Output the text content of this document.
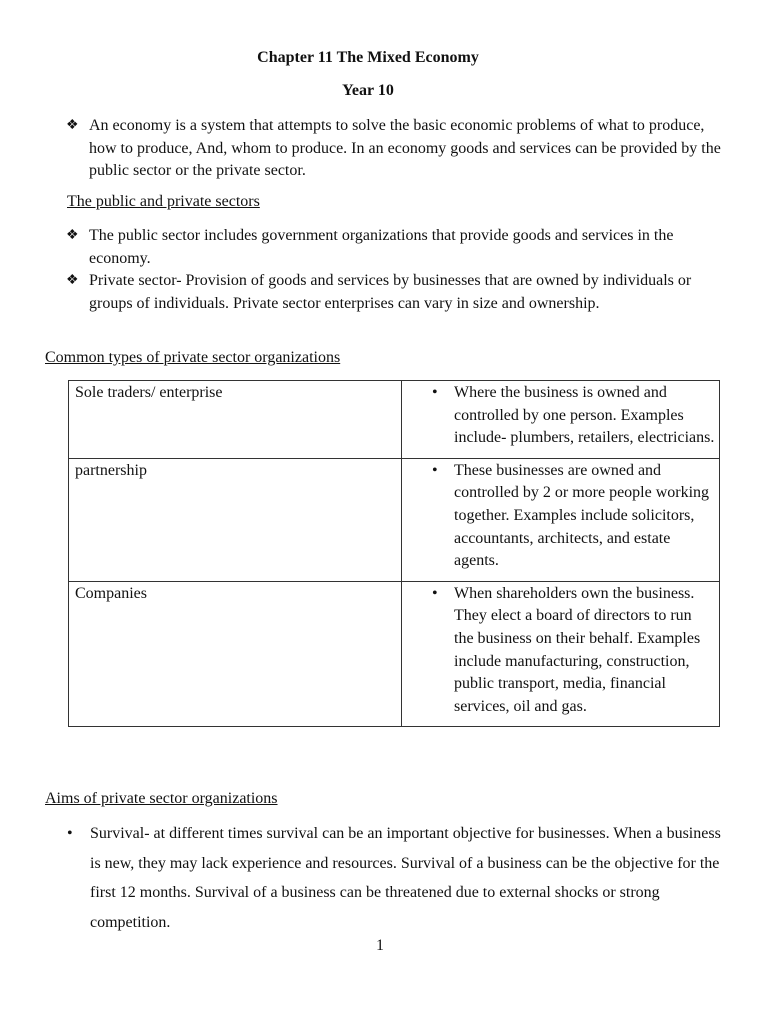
Chapter 11 The Mixed Economy
Year 10
❖ An economy is a system that attempts to solve the basic economic problems of what to produce, how to produce, And, whom to produce. In an economy goods and services can be provided by the public sector or the private sector.
The public and private sectors
❖ The public sector includes government organizations that provide goods and services in the economy.
❖ Private sector- Provision of goods and services by businesses that are owned by individuals or groups of individuals. Private sector enterprises can vary in size and ownership.
Common types of private sector organizations
Sole traders/ enterprise	• Where the business is owned and controlled by one person. Examples include- plumbers, retailers, electricians.

partnership	• These businesses are owned and controlled by 2 or more people working together. Examples include solicitors, accountants, architects, and estate agents.

Companies	• When shareholders own the business. They elect a board of directors to run the business on their behalf. Examples include manufacturing, construction, public transport, media, financial services, oil and gas.
Aims of private sector organizations
• Survival- at different times survival can be an important objective for businesses. When a business is new, they may lack experience and resources. Survival of a business can be the objective for the first 12 months. Survival of a business can be threatened due to external shocks or strong competition.
1
